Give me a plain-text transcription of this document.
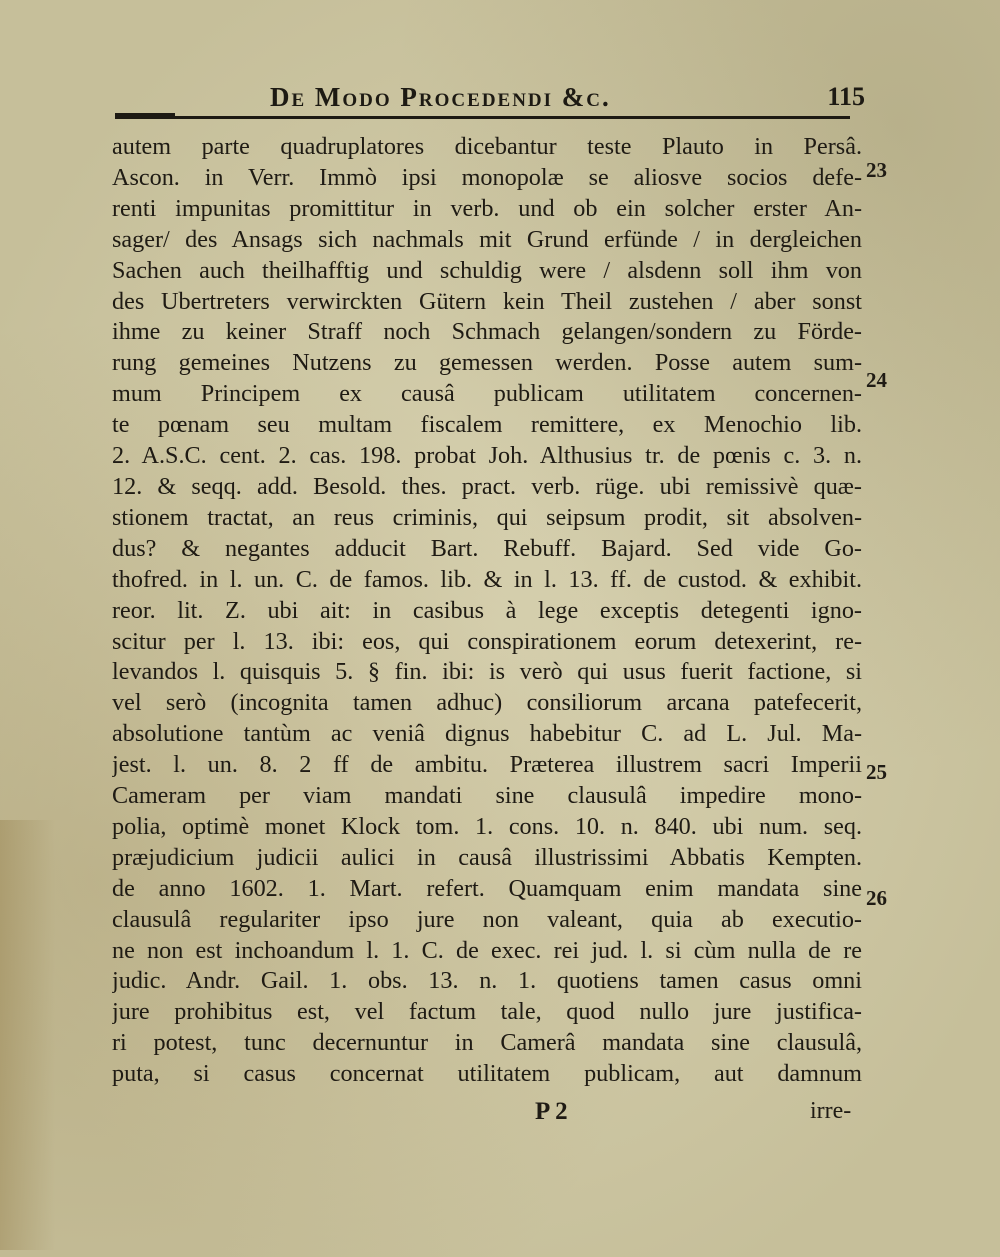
De Modo Procedendi &c.	115
autem parte quadruplatores dicebantur teste Plauto in Persâ.
Ascon. in Verr. Immò ipsi monopolæ se aliosve socios defe-
renti impunitas promittitur in verb. und ob ein solcher erster An-
sager/ des Ansags sich nachmals mit Grund erfünde / in dergleichen
Sachen auch theilhafftig und schuldig were / alsdenn soll ihm von
des Ubertreters verwirckten Gütern kein Theil zustehen / aber sonst
ihme zu keiner Straff noch Schmach gelangen/sondern zu Förde-
rung gemeines Nutzens zu gemessen werden. Posse autem sum-
mum Principem ex causâ publicam utilitatem concernen-
te pœnam seu multam fiscalem remittere, ex Menochio lib.
2. A.S.C. cent. 2. cas. 198. probat Joh. Althusius tr. de pœnis c. 3. n.
12. & seqq. add. Besold. thes. pract. verb. rüge. ubi remissivè quæ-
stionem tractat, an reus criminis, qui seipsum prodit, sit absolven-
dus? & negantes adducit Bart. Rebuff. Bajard. Sed vide Go-
thofred. in l. un. C. de famos. lib. & in l. 13. ff. de custod. & exhibit.
reor. lit. Z. ubi ait: in casibus à lege exceptis detegenti igno-
scitur per l. 13. ibi: eos, qui conspirationem eorum detexerint, re-
levandos l. quisquis 5. § fin. ibi: is verò qui usus fuerit factione, si
vel serò (incognita tamen adhuc) consiliorum arcana patefecerit,
absolutione tantùm ac veniâ dignus habebitur C. ad L. Jul. Ma-
jest. l. un. 8. 2 ff de ambitu. Præterea illustrem sacri Imperii
Cameram per viam mandati sine clausulâ impedire mono-
polia, optimè monet Klock tom. 1. cons. 10. n. 840. ubi num. seq.
præjudicium judicii aulici in causâ illustrissimi Abbatis Kempten.
de anno 1602. 1. Mart. refert. Quamquam enim mandata sine
clausulâ regulariter ipso jure non valeant, quia ab executio-
ne non est inchoandum l. 1. C. de exec. rei jud. l. si cùm nulla de re
judic. Andr. Gail. 1. obs. 13. n. 1. quotiens tamen casus omni
jure prohibitus est, vel factum tale, quod nullo jure justifica-
ri potest, tunc decernuntur in Camerâ mandata sine clausulâ,
puta, si casus concernat utilitatem publicam, aut damnum
23
24
25
26
P 2	irre-
